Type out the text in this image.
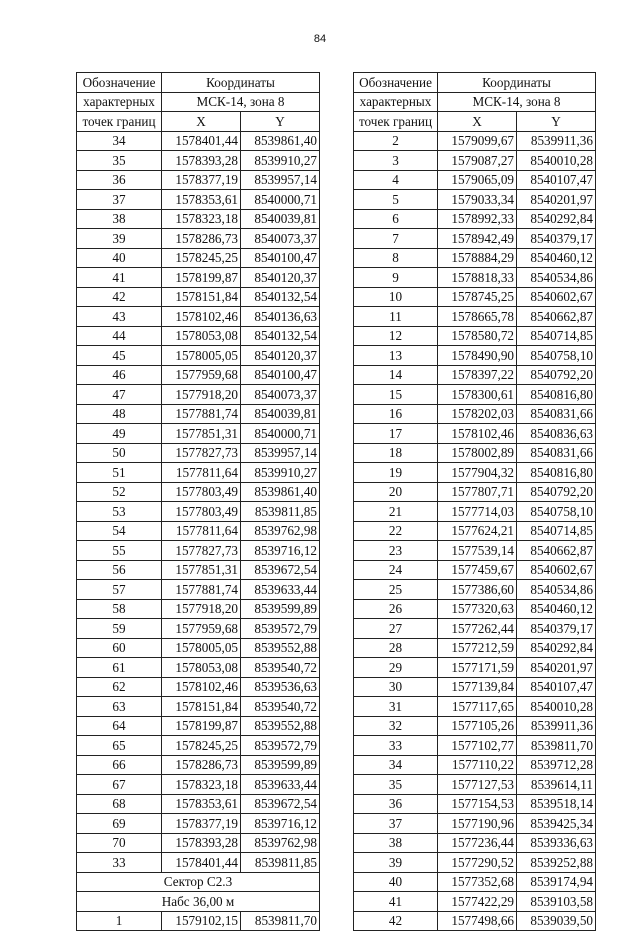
84
Обозначение	Координаты	
характерных	МСК-14, зона 8	
точек границ	X	Y
34	1578401,44	8539861,40
35	1578393,28	8539910,27
36	1578377,19	8539957,14
37	1578353,61	8540000,71
38	1578323,18	8540039,81
39	1578286,73	8540073,37
40	1578245,25	8540100,47
41	1578199,87	8540120,37
42	1578151,84	8540132,54
43	1578102,46	8540136,63
44	1578053,08	8540132,54
45	1578005,05	8540120,37
46	1577959,68	8540100,47
47	1577918,20	8540073,37
48	1577881,74	8540039,81
49	1577851,31	8540000,71
50	1577827,73	8539957,14
51	1577811,64	8539910,27
52	1577803,49	8539861,40
53	1577803,49	8539811,85
54	1577811,64	8539762,98
55	1577827,73	8539716,12
56	1577851,31	8539672,54
57	1577881,74	8539633,44
58	1577918,20	8539599,89
59	1577959,68	8539572,79
60	1578005,05	8539552,88
61	1578053,08	8539540,72
62	1578102,46	8539536,63
63	1578151,84	8539540,72
64	1578199,87	8539552,88
65	1578245,25	8539572,79
66	1578286,73	8539599,89
67	1578323,18	8539633,44
68	1578353,61	8539672,54
69	1578377,19	8539716,12
70	1578393,28	8539762,98
33	1578401,44	8539811,85
Сектор С2.3		
Набс 36,00 м		
1	1579102,15	8539811,70
Обозначение	Координаты	
характерных	МСК-14, зона 8	
точек границ	X	Y
2	1579099,67	8539911,36
3	1579087,27	8540010,28
4	1579065,09	8540107,47
5	1579033,34	8540201,97
6	1578992,33	8540292,84
7	1578942,49	8540379,17
8	1578884,29	8540460,12
9	1578818,33	8540534,86
10	1578745,25	8540602,67
11	1578665,78	8540662,87
12	1578580,72	8540714,85
13	1578490,90	8540758,10
14	1578397,22	8540792,20
15	1578300,61	8540816,80
16	1578202,03	8540831,66
17	1578102,46	8540836,63
18	1578002,89	8540831,66
19	1577904,32	8540816,80
20	1577807,71	8540792,20
21	1577714,03	8540758,10
22	1577624,21	8540714,85
23	1577539,14	8540662,87
24	1577459,67	8540602,67
25	1577386,60	8540534,86
26	1577320,63	8540460,12
27	1577262,44	8540379,17
28	1577212,59	8540292,84
29	1577171,59	8540201,97
30	1577139,84	8540107,47
31	1577117,65	8540010,28
32	1577105,26	8539911,36
33	1577102,77	8539811,70
34	1577110,22	8539712,28
35	1577127,53	8539614,11
36	1577154,53	8539518,14
37	1577190,96	8539425,34
38	1577236,44	8539336,63
39	1577290,52	8539252,88
40	1577352,68	8539174,94
41	1577422,29	8539103,58
42	1577498,66	8539039,50
